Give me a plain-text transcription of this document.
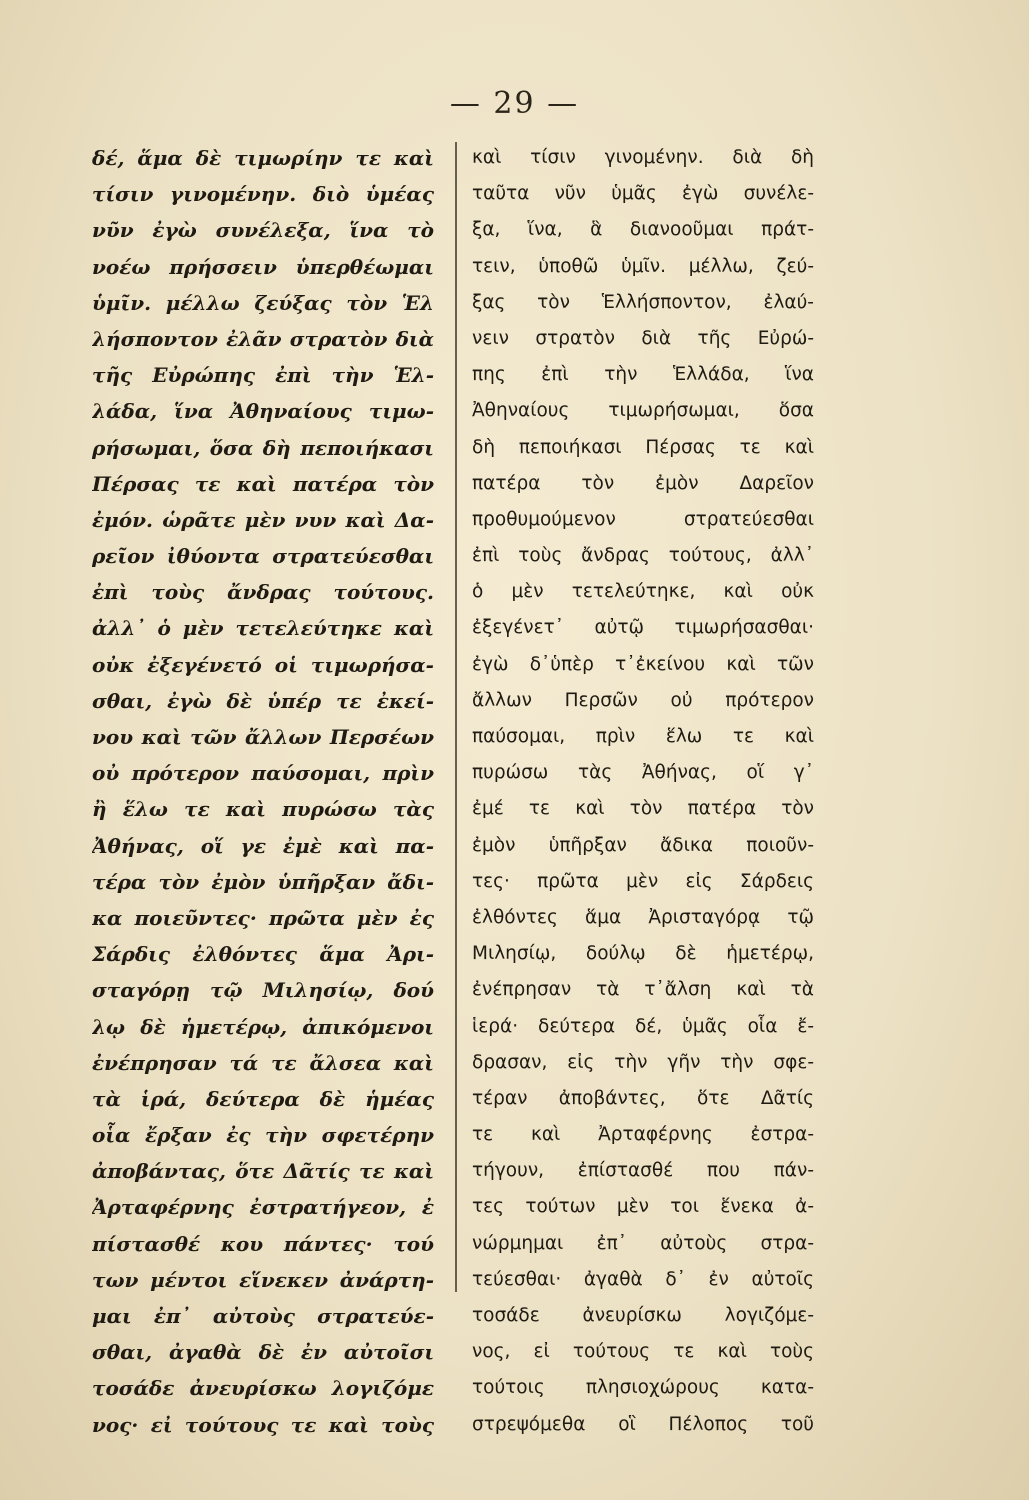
— 29 —
δέ, ἅμα δὲ τιμωρίην τε καὶ
τίσιν γινομένην. διὸ ὑμέας
νῦν ἐγὼ συνέλεξα, ἵνα τὸ
νοέω πρήσσειν ὑπερθέωμαι
ὑμῖν. μέλλω ζεύξας τὸν Ἑλ
λήσποντον ἐλᾶν στρατὸν διὰ
τῆς Εὐρώπης ἐπὶ τὴν Ἑλ-
λάδα, ἵνα Ἀθηναίους τιμω-
ρήσωμαι, ὅσα δὴ πεποιήκασι
Πέρσας τε καὶ πατέρα τὸν
ἐμόν. ὡρᾶτε μὲν νυν καὶ Δα-
ρεῖον ἰθύοντα στρατεύεσθαι
ἐπὶ τοὺς ἄνδρας τούτους.
ἀλλ᾽ ὁ μὲν τετελεύτηκε καὶ
οὐκ ἐξεγένετό οἱ τιμωρήσα-
σθαι, ἐγὼ δὲ ὑπέρ τε ἐκεί-
νου καὶ τῶν ἄλλων Περσέων
οὐ πρότερον παύσομαι, πρὶν
ἢ ἕλω τε καὶ πυρώσω τὰς
Ἀθήνας, οἵ γε ἐμὲ καὶ πα-
τέρα τὸν ἐμὸν ὑπῆρξαν ἄδι-
κα ποιεῦντες· πρῶτα μὲν ἐς
Σάρδις ἐλθόντες ἅμα Ἀρι-
σταγόρῃ τῷ Μιλησίῳ, δού
λῳ δὲ ἡμετέρῳ, ἀπικόμενοι
ἐνέπρησαν τά τε ἄλσεα καὶ
τὰ ἱρά, δεύτερα δὲ ἡμέας
οἷα ἔρξαν ἐς τὴν σφετέρην
ἀποβάντας, ὅτε Δᾶτίς τε καὶ
Ἀρταφέρνης ἐστρατήγεον, ἐ
πίστασθέ κου πάντες· τού
των μέντοι εἵνεκεν ἀνάρτη-
μαι ἐπ᾽ αὐτοὺς στρατεύε-
σθαι, ἀγαθὰ δὲ ἐν αὐτοῖσι
τοσάδε ἀνευρίσκω λογιζόμε
νος· εἰ τούτους τε καὶ τοὺς
καὶ τίσιν γινομένην. διὰ δὴ
ταῦτα νῦν ὑμᾶς ἐγὼ συνέλε-
ξα, ἵνα, ἃ διανοοῦμαι πράτ-
τειν, ὑποθῶ ὑμῖν. μέλλω, ζεύ-
ξας τὸν Ἑλλήσποντον, ἐλαύ-
νειν στρατὸν διὰ τῆς Εὐρώ-
πης ἐπὶ τὴν Ἑλλάδα, ἵνα
Ἀθηναίους τιμωρήσωμαι, ὅσα
δὴ πεποιήκασι Πέρσας τε καὶ
πατέρα τὸν ἐμὸν Δαρεῖον
προθυμούμενον στρατεύεσθαι
ἐπὶ τοὺς ἄνδρας τούτους, ἀλλ᾽
ὁ μὲν τετελεύτηκε, καὶ οὐκ
ἐξεγένετ᾽ αὐτῷ τιμωρήσασθαι·
ἐγὼ δ᾽ὑπὲρ τ᾽ἐκείνου καὶ τῶν
ἄλλων Περσῶν οὐ πρότερον
παύσομαι, πρὶν ἕλω τε καὶ
πυρώσω τὰς Ἀθήνας, οἵ γ᾽
ἐμέ τε καὶ τὸν πατέρα τὸν
ἐμὸν ὑπῆρξαν ἄδικα ποιοῦν-
τες· πρῶτα μὲν εἰς Σάρδεις
ἐλθόντες ἅμα Ἀρισταγόρᾳ τῷ
Μιλησίῳ, δούλῳ δὲ ἡμετέρῳ,
ἐνέπρησαν τὰ τ᾽ἄλση καὶ τὰ
ἱερά· δεύτερα δέ, ὑμᾶς οἷα ἔ-
δρασαν, εἰς τὴν γῆν τὴν σφε-
τέραν ἀποβάντες, ὅτε Δᾶτίς
τε καὶ Ἀρταφέρνης ἐστρα-
τήγουν, ἐπίστασθέ που πάν-
τες τούτων μὲν τοι ἕνεκα ἀ-
νώρμημαι ἐπ᾽ αὐτοὺς στρα-
τεύεσθαι· ἀγαθὰ δ᾽ ἐν αὐτοῖς
τοσάδε ἀνευρίσκω λογιζόμε-
νος, εἰ τούτους τε καὶ τοὺς
τούτοις πλησιοχώρους κατα-
στρεψόμεθα οἳ Πέλοπος τοῦ
